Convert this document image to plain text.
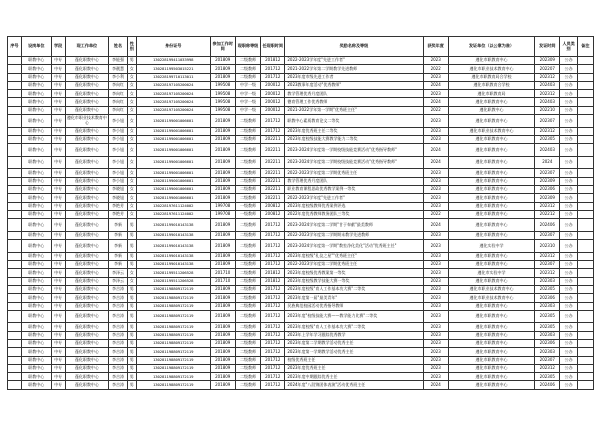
序号	设岗单位	学段	现工作单位	姓名	性别	身份证号	参加工作时间	现职称等级	任现职时间	奖励名称及等级	获奖年度	发证单位（以公章为准）	发证时间	人员类别	备注
	职教中心	中专	蓬化职教中心	李能强	男	130228199411033998	201809	二级教师	201812	2022-2023学年度"先进工作者"	2023	遵化市职教育中心	202309	公办	
	职教中心	中专	蓬化职教中心	李靓慧	女	130281199503015221	201809	二级教师	201712	2021-2022学年第二学期教学先进教师	2022	遵化市职业技术教育中心	202207	公办	
	职教中心	中专	蓬化职教中心	李小利	女	130228199710113011	201809	二级教师	201712	2023年度市级先进工作者	2023	遵化市职教育局合学校	202312	公办	
	职教中心	中专	蓬化职教中心	李向红	女	130228197105200024	199508	中学一级	200012	2023教事年度活动"优秀教师"	2024	遵化市职教育合学校	202403	公办	
	职教中心	中专	蓬化职教中心	李向红	女	130228197105200024	199508	中学一级	200012	教学管理优秀月度团队	2023	遵化市职教育局	202312	公办	
	职教中心	中专	蓬化职教中心	李向红	女	130228197105200024	199508	中学一级	200012	德育管理工作优秀教师	2024	遵化市职教育中心	202403	公办	
	职教中心	中专	蓬化职教中心	李向红	女	130228197105200024	199508	中学一级	200012	2021-2022学年第一学期"优秀班主任"	2022	遵化职教中心	202210	公办	
	职教中心	中专	遵化市职业技术教育中心	李小旭	女	130281199001006601	201809	二级教师	201712	职教中心素质教育论文二等奖	2023	遵化市职教育中心	202307	公办	
	职教中心	中专	蓬化职教中心	李小旭	女	130281199001006601	201809	二级教师	201712	2023年度优秀班主任二等奖	2023	遵化市职业技术教育中心	202312	公办	
	职教中心	中专	蓬化职教中心	李小旭	女	130281199001006601	201809	二级教师	202211	2023年度校级技能大赛教学能力二等奖	2023	遵化市职教育中心	202305	公办	
	职教中心	中专	蓬化职教中心	李小旭	女	130281199001006601	201809	二级教师	202211	2023-2024学年度第一学期校级技能竞赛活动"优秀指导教师"	2024	遵化市职教育中心	202403	公办	
	职教中心	中专	蓬化职教中心	李小旭	女	130281199001006601	201809	二级教师	202211	2023-2024学年度第二学期校级技能竞赛活动"优秀指导教师"	2024	遵化市职教育中心	2024	公办	
	职教中心	中专	蓬化职教中心	李小旭	女	130281199001006601	201809	二级教师	202211	2022-2023学年度第二学期优秀班主任	2023	遵化市职教育中心	202307	公办	
	职教中心	中专	蓬化职教中心	李小旭	女	130281199001006601	201809	二级教师	202211	教学管理优秀月度团队	2023	遵化市职教育中心	202309	公办	
	职教中心	中专	蓬化职教中心	李晓旭	女	130281199001006601	201809	二级教师	202211	职业教育课程思政优秀教学案例一等奖	2023	遵化市职教育中心	202306	公办	
	职教中心	中专	蓬化职教中心	李晓旭	女	130281199001006601	201809	二级教师	202211	2022-2023学年度"先进工作者"	2023	遵化市职教育中心	202309	公办	
	职教中心	中专	蓬化职教中心	李艳芳	女	130228197611124002	199708	一级教师	200812	2023年度校级教师优秀案例评选	2023	遵化市职教育中心	202312	公办	
	职教中心	中专	蓬化职教中心	李艳芳	女	130228197611124002	199708	一级教师	200812	2022年度优秀教师教务团队三等奖	2022	遵化市职教育中心	202212	公办	
	职教中心	中专	蓬化职教中心	李新	男	130281199010143138	201809	二级教师	201712	2023-2024学年度第二学期"甘于奉献"最美教师	2024	遵化市职教育中心	202406	公办	
	职教中心	中专	蓬化职教中心	李新	男	130281199010143138	201809	二级教师	201712	2022-2023学年度第二学期期末教学先进教师	2023	遵化市职教育中心	202307	公办	
	职教中心	中专	蓬化职教中心	李新	男	130281199010143138	201809	二级教师	201712	2023-2024学年度第一学期"教室净化美化"活动"优秀班主任"	2023	遵化实验中学	202310	公办	
	职教中心	中专	蓬化职教中心	李新	男	130281199010143138	201809	二级教师	201712	2023年度校级"礼仪之星""优秀班主任"	2023	遵化市职教育中心	202312	公办	
	职教中心	中专	蓬化职教中心	李新	男	130281199010143138	201809	二级教师	201712	2022-2023学年度第二学期优秀班主任	2023	遵化市职教育中心	202307	公办	
	职教中心	中专	蓬化职教中心	李泽云	女	130281199511206528	201710	二级教师	201812	2023年度校级优秀教案第一等奖	2023	遵化市实验中学	202312	公办	
	职教中心	中专	蓬化职教中心	李泽云	女	130281199511206528	201710	二级教师	201812	2023年度校级教学技能大赛一等奖	2023	遵化市职教育中心	202303	公办	
	职教中心	中专	蓬化职教中心	李吉涛	男	130281198809172119	201809	二级教师	201712	2023年度校级"育人工作基本功大赛"二等奖	2023	遵化市职业技术教育中心	202305	公办	
	职教中心	中专	蓬化职教中心	李吉涛	男	130281198809172119	201809	二级教师	201712	2023年度第一届"最美青年"	2023	遵化市职业技术教育中心	202306	公办	
	职教中心	中专	蓬化职教中心	李吉涛	男	130281198809172119	201809	二级教师	201712	民族典范校园活动优秀指导教师	2023	遵化市职教育中心	202303	公办	
	职教中心	中专	蓬化职教中心	李吉涛	男	130281198809172119	201809	二级教师	201712	2023年度"校级技能大赛——教学能力比赛"二等奖	2023	遵化市职教育中心	202305	公办	
	职教中心	中专	蓬化职教中心	李吉涛	男	130281198809172119	201809	二级教师	201712	2023年度校级"育人工作基本功大赛"二等奖	2023	遵化市职教育中心	202305	公办	
	职教中心	中专	蓬化职教中心	李吉涛	男	130281198809172119	201809	二级教师	201712	2023年上学年学习跟踪优秀教学	2023	遵化市职教育中心	202303	公办	
	职教中心	中专	蓬化职教中心	李吉涛	男	130281198809172119	201809	二级教师	201712	2023年度第二学期教学活动优秀主任	2023	遵化市职教育中心	202306	公办	
	职教中心	中专	蓬化职教中心	李吉涛	男	130281198809172119	201809	二级教师	201712	2023年度第一学期教学活动优秀主任	2023	遵化市职教育中心	202303	公办	
	职教中心	中专	蓬化职教中心	李吉涛	男	130281198809172119	201809	二级教师	201712	校级优秀班主任	2023	遵化市职教育中心	202307	公办	
	职教中心	中专	蓬化职教中心	李吉涛	男	130281198809172119	201809	二级教师	201712	2023年度优秀班主任	2023	遵化市职教育中心	202312	公办	
	职教中心	中专	蓬化职教中心	李吉涛	男	130281198809172119	201809	二级教师	201712	2023年度中期跟踪优秀主任	2023	遵化市职教育中心	202305	公办	
	职教中心	中专	蓬化职教中心	李吉涛	男	130281198809172119	201809	二级教师	201712	2024年度"八段锦团体表演"活动优秀班主任	2024	遵化市职教育中心	202406	公办	
